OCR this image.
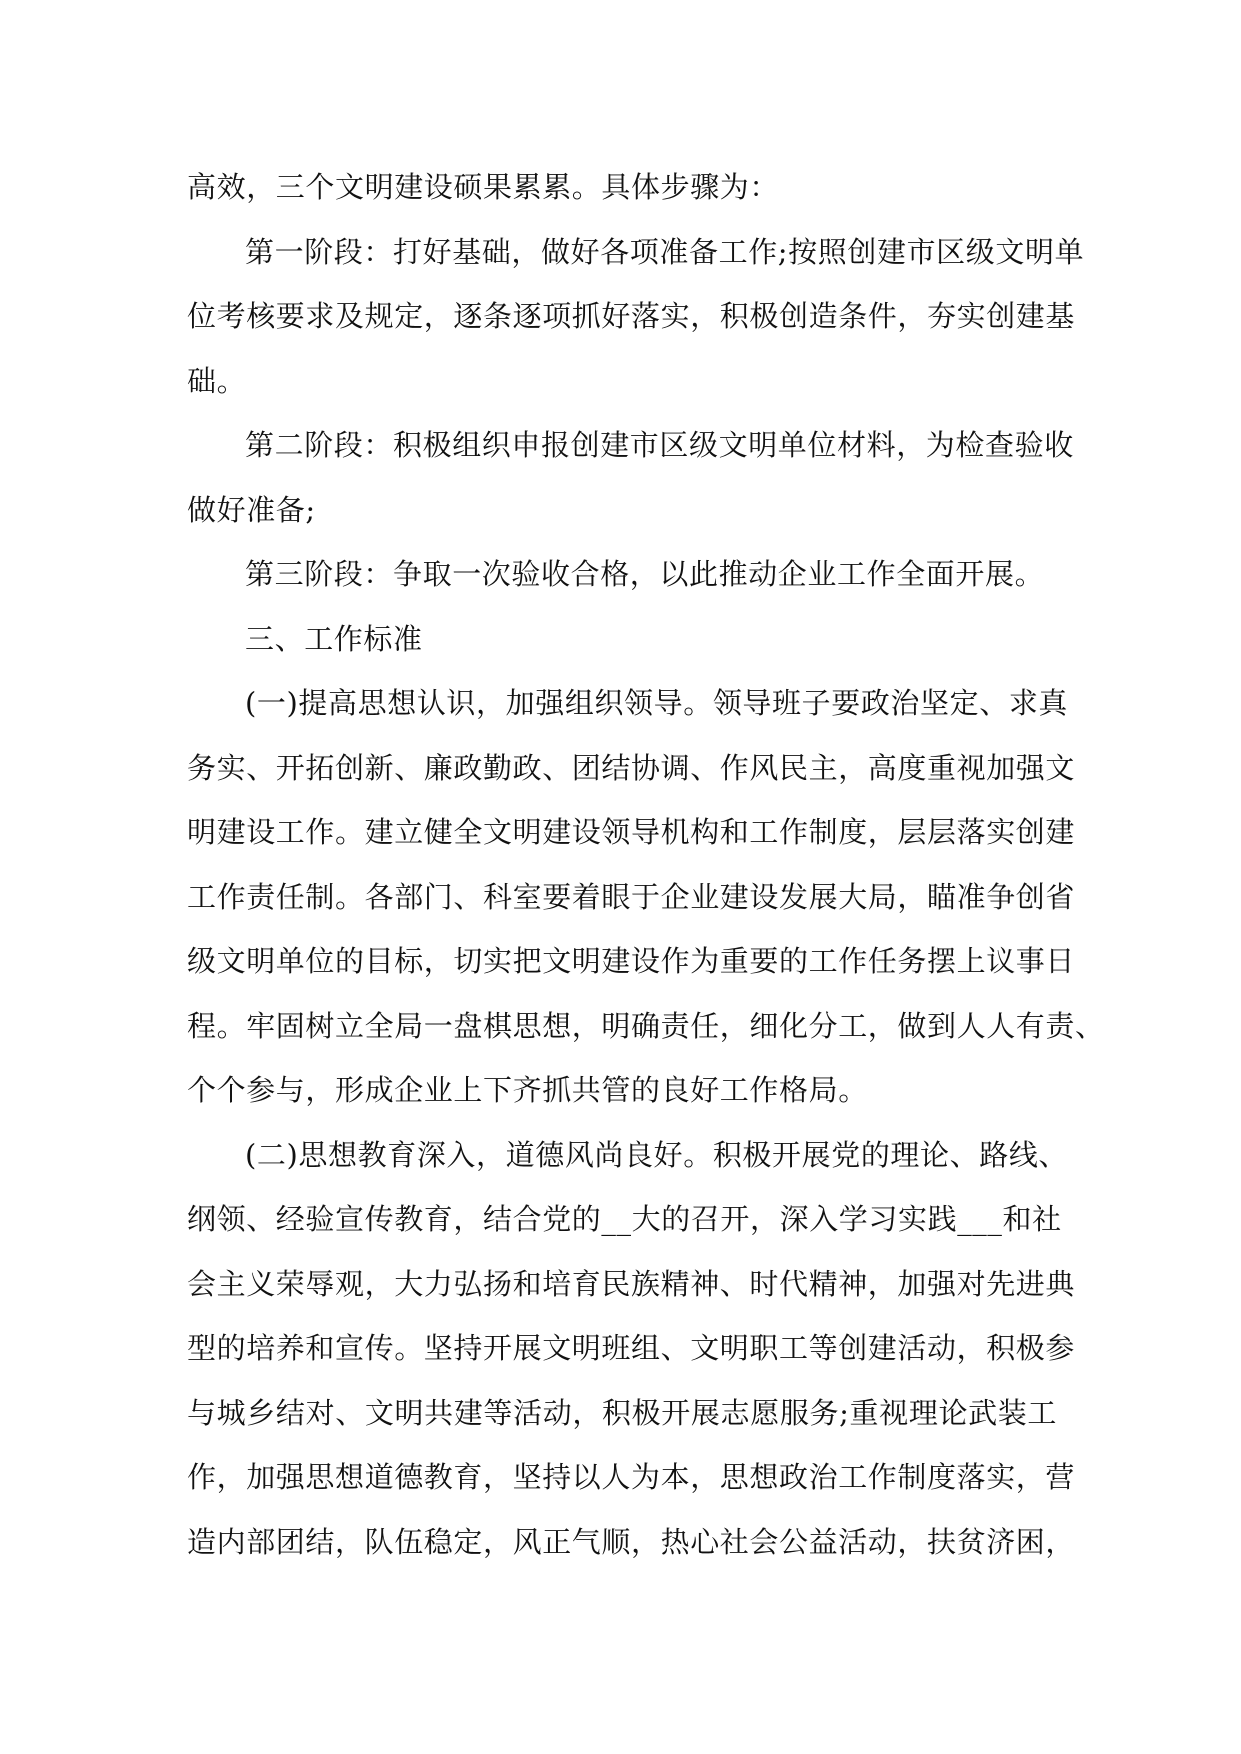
高效，三个文明建设硕果累累。具体步骤为：

第一阶段：打好基础，做好各项准备工作;按照创建市区级文明单
位考核要求及规定，逐条逐项抓好落实，积极创造条件，夯实创建基
础。

第二阶段：积极组织申报创建市区级文明单位材料，为检查验收
做好准备;

第三阶段：争取一次验收合格，以此推动企业工作全面开展。

三、工作标准

(一)提高思想认识，加强组织领导。领导班子要政治坚定、求真
务实、开拓创新、廉政勤政、团结协调、作风民主，高度重视加强文
明建设工作。建立健全文明建设领导机构和工作制度，层层落实创建
工作责任制。各部门、科室要着眼于企业建设发展大局，瞄准争创省
级文明单位的目标，切实把文明建设作为重要的工作任务摆上议事日
程。牢固树立全局一盘棋思想，明确责任，细化分工，做到人人有责、
个个参与，形成企业上下齐抓共管的良好工作格局。

(二)思想教育深入，道德风尚良好。积极开展党的理论、路线、
纲领、经验宣传教育，结合党的__大的召开，深入学习实践___和社
会主义荣辱观，大力弘扬和培育民族精神、时代精神，加强对先进典
型的培养和宣传。坚持开展文明班组、文明职工等创建活动，积极参
与城乡结对、文明共建等活动，积极开展志愿服务;重视理论武装工
作，加强思想道德教育，坚持以人为本，思想政治工作制度落实，营
造内部团结，队伍稳定，风正气顺，热心社会公益活动，扶贫济困，
